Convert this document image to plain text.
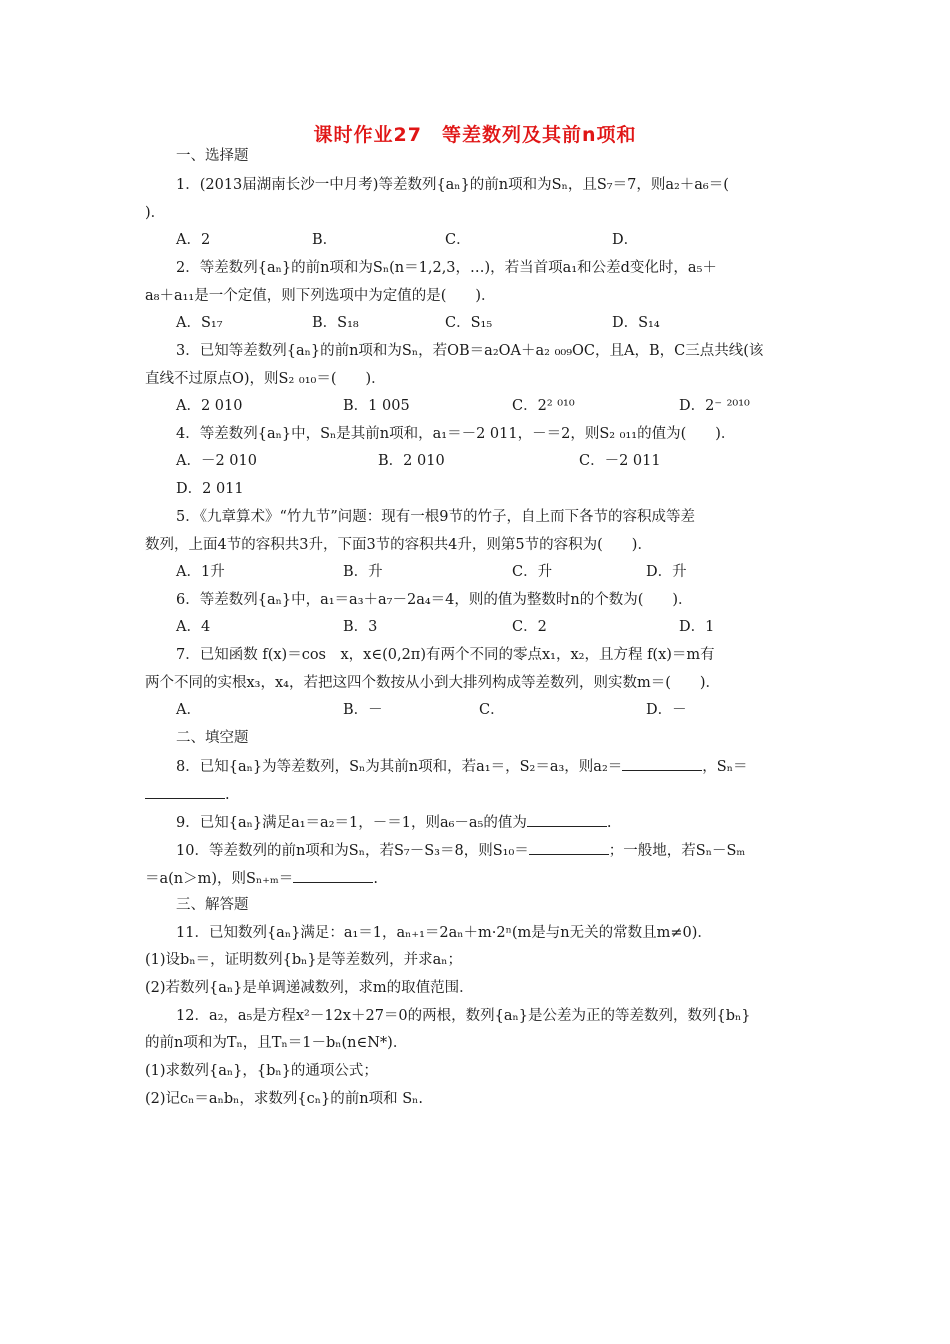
课时作业27　等差数列及其前n项和
一、选择题
1．(2013届湖南长沙一中月考)等差数列{aₙ}的前n项和为Sₙ，且S₇＝7，则a₂＋a₆＝(
)．
A．2	B．	C．	D．
2．等差数列{aₙ}的前n项和为Sₙ(n＝1,2,3，…)，若当首项a₁和公差d变化时，a₅＋
a₈＋a₁₁是一个定值，则下列选项中为定值的是(　　)．
A．S₁₇	B．S₁₈	C．S₁₅	D．S₁₄
3．已知等差数列{aₙ}的前n项和为Sₙ，若OB＝a₂OA＋a₂ ₀₀₉OC，且A，B，C三点共线(该
直线不过原点O)，则S₂ ₀₁₀＝(　　)．
A．2 010	B．1 005	C．2² ⁰¹⁰	D．2⁻ ²⁰¹⁰
4．等差数列{aₙ}中，Sₙ是其前n项和，a₁＝－2 011，－＝2，则S₂ ₀₁₁的值为(　　)．
A．－2 010	B．2 010	C．－2 011
D．2 011
5．《九章算术》“竹九节”问题：现有一根9节的竹子，自上而下各节的容积成等差
数列，上面4节的容积共3升，下面3节的容积共4升，则第5节的容积为(　　)．
A．1升	B．升	C．升	D．升
6．等差数列{aₙ}中，a₁＝a₃＋a₇－2a₄＝4，则的值为整数时n的个数为(　　)．
A．4	B．3	C．2	D．1
7．已知函数 f(x)＝cos　x，x∈(0,2π)有两个不同的零点x₁，x₂，且方程 f(x)＝m有
两个不同的实根x₃，x₄，若把这四个数按从小到大排列构成等差数列，则实数m＝(　　)．
A．	B．－	C．	D．－
二、填空题
8．已知{aₙ}为等差数列，Sₙ为其前n项和，若a₁＝，S₂＝a₃，则a₂＝	，Sₙ＝
.
9．已知{aₙ}满足a₁＝a₂＝1，－＝1，则a₆－a₅的值为	.
10．等差数列的前n项和为Sₙ，若S₇－S₃＝8，则S₁₀＝	；一般地，若Sₙ－Sₘ
＝a(n＞m)，则Sₙ₊ₘ＝	.
三、解答题
11．已知数列{aₙ}满足：a₁＝1，aₙ₊₁＝2aₙ＋m·2ⁿ(m是与n无关的常数且m≠0)．
(1)设bₙ＝，证明数列{bₙ}是等差数列，并求aₙ；
(2)若数列{aₙ}是单调递减数列，求m的取值范围．
12．a₂，a₅是方程x²－12x＋27＝0的两根，数列{aₙ}是公差为正的等差数列，数列{bₙ}
的前n项和为Tₙ，且Tₙ＝1－bₙ(n∈N*)．
(1)求数列{aₙ}，{bₙ}的通项公式；
(2)记cₙ＝aₙbₙ，求数列{cₙ}的前n项和 Sₙ.
